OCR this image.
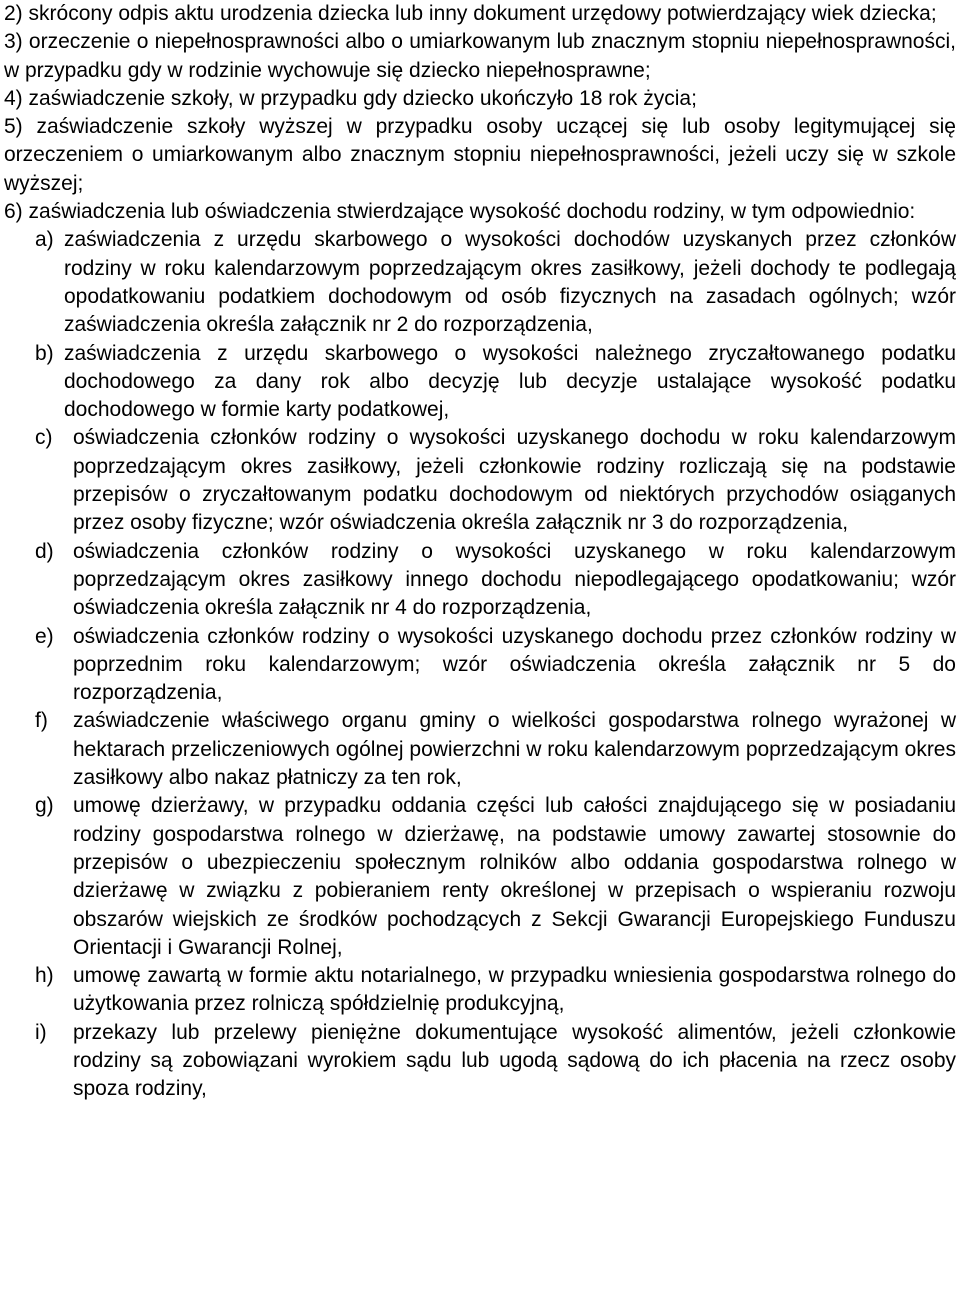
2) skrócony odpis aktu urodzenia dziecka lub inny dokument urzędowy potwierdzający wiek dziecka;
3) orzeczenie o niepełnosprawności albo o umiarkowanym lub znacznym stopniu niepełnosprawności, w przypadku gdy w rodzinie wychowuje się dziecko niepełnosprawne;
4) zaświadczenie szkoły, w przypadku gdy dziecko ukończyło 18 rok życia;
5) zaświadczenie szkoły wyższej w przypadku osoby uczącej się lub osoby legitymującej się orzeczeniem o umiarkowanym albo znacznym stopniu niepełnosprawności, jeżeli uczy się w szkole wyższej;
6) zaświadczenia lub oświadczenia stwierdzające wysokość dochodu rodziny, w tym odpowiednio:
a) zaświadczenia z urzędu skarbowego o wysokości dochodów uzyskanych przez członków rodziny w roku kalendarzowym poprzedzającym okres zasiłkowy, jeżeli dochody te podlegają opodatkowaniu podatkiem dochodowym od osób fizycznych na zasadach ogólnych; wzór zaświadczenia określa załącznik nr 2 do rozporządzenia,
b) zaświadczenia z urzędu skarbowego o wysokości należnego zryczałtowanego podatku dochodowego za dany rok albo decyzję lub decyzje ustalające wysokość podatku dochodowego w formie karty podatkowej,
c) oświadczenia członków rodziny o wysokości uzyskanego dochodu w roku kalendarzowym poprzedzającym okres zasiłkowy, jeżeli członkowie rodziny rozliczają się na podstawie przepisów o zryczałtowanym podatku dochodowym od niektórych przychodów osiąganych przez osoby fizyczne; wzór oświadczenia określa załącznik nr 3 do rozporządzenia,
d) oświadczenia członków rodziny o wysokości uzyskanego w roku kalendarzowym poprzedzającym okres zasiłkowy innego dochodu niepodlegającego opodatkowaniu; wzór oświadczenia określa załącznik nr 4 do rozporządzenia,
e) oświadczenia członków rodziny o wysokości uzyskanego dochodu przez członków rodziny w poprzednim roku kalendarzowym; wzór oświadczenia określa załącznik nr 5 do rozporządzenia,
f)	zaświadczenie właściwego organu gminy o wielkości gospodarstwa rolnego wyrażonej w hektarach przeliczeniowych ogólnej powierzchni w roku kalendarzowym poprzedzającym okres zasiłkowy albo nakaz płatniczy za ten rok,
g) umowę dzierżawy, w przypadku oddania części lub całości znajdującego się w posiadaniu rodziny gospodarstwa rolnego w dzierżawę, na podstawie umowy zawartej stosownie do przepisów o ubezpieczeniu społecznym rolników albo oddania gospodarstwa rolnego w dzierżawę w związku z pobieraniem renty określonej w przepisach o wspieraniu rozwoju obszarów wiejskich ze środków pochodzących z Sekcji Gwarancji Europejskiego Funduszu Orientacji i Gwarancji Rolnej,
h) umowę zawartą w formie aktu notarialnego, w przypadku wniesienia gospodarstwa rolnego do użytkowania przez rolniczą spółdzielnię produkcyjną,
i)	przekazy lub przelewy pieniężne dokumentujące wysokość alimentów, jeżeli członkowie rodziny są zobowiązani wyrokiem sądu lub ugodą sądową do ich płacenia na rzecz osoby spoza rodziny,
